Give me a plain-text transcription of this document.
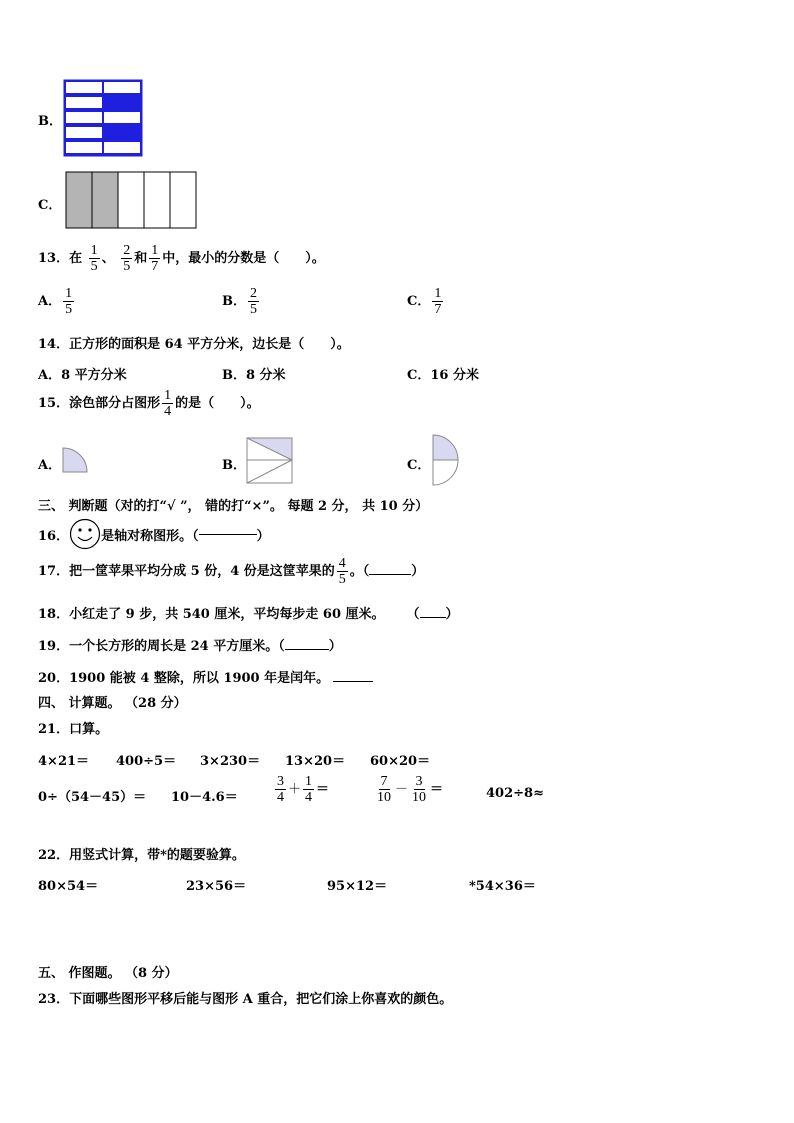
B．
C．
13．在 $\frac{1}{5}$ 、 $\frac{2}{5}$ 和 $\frac{1}{7}$ 中，最小的分数是（　　）。
A． $\frac{1}{5}$	B． $\frac{2}{5}$	C． $\frac{1}{7}$
14．正方形的面积是 64 平方分米，边长是（　　）。
A．8 平方分米	B．8 分米	C．16 分米
15．涂色部分占图形 $\frac{1}{4}$ 的是（　　）。
A．	B．	C．
三、 判断题（对的打“√ ”， 错的打“×”。 每题 2 分， 共 10 分）
16． 是轴对称图形。（	）
17．把一筐苹果平均分成 5 份，4 份是这筐苹果的 $\frac{4}{5}$ 。（	）
18．小红走了 9 步，共 540 厘米，平均每步走 60 厘米。 （ ）
19．一个长方形的周长是 24 平方厘米。（	）
20．1900 能被 4 整除，所以 1900 年是闰年。
四、 计算题。 （28 分）
21．口算。
4×21＝ 400÷5＝ 3×230＝ 13×20＝ 60×20＝
0÷（54－45）＝ 10－4.6＝	$\frac{3}{4} + \frac{1}{4}$ ＝	$\frac{7}{10} - \frac{3}{10}$ ＝	402÷8≈
22．用竖式计算，带*的题要验算。
80×54＝	23×56＝	95×12＝	*54×36＝
五、 作图题。 （8 分）
23．下面哪些图形平移后能与图形 A 重合，把它们涂上你喜欢的颜色。
